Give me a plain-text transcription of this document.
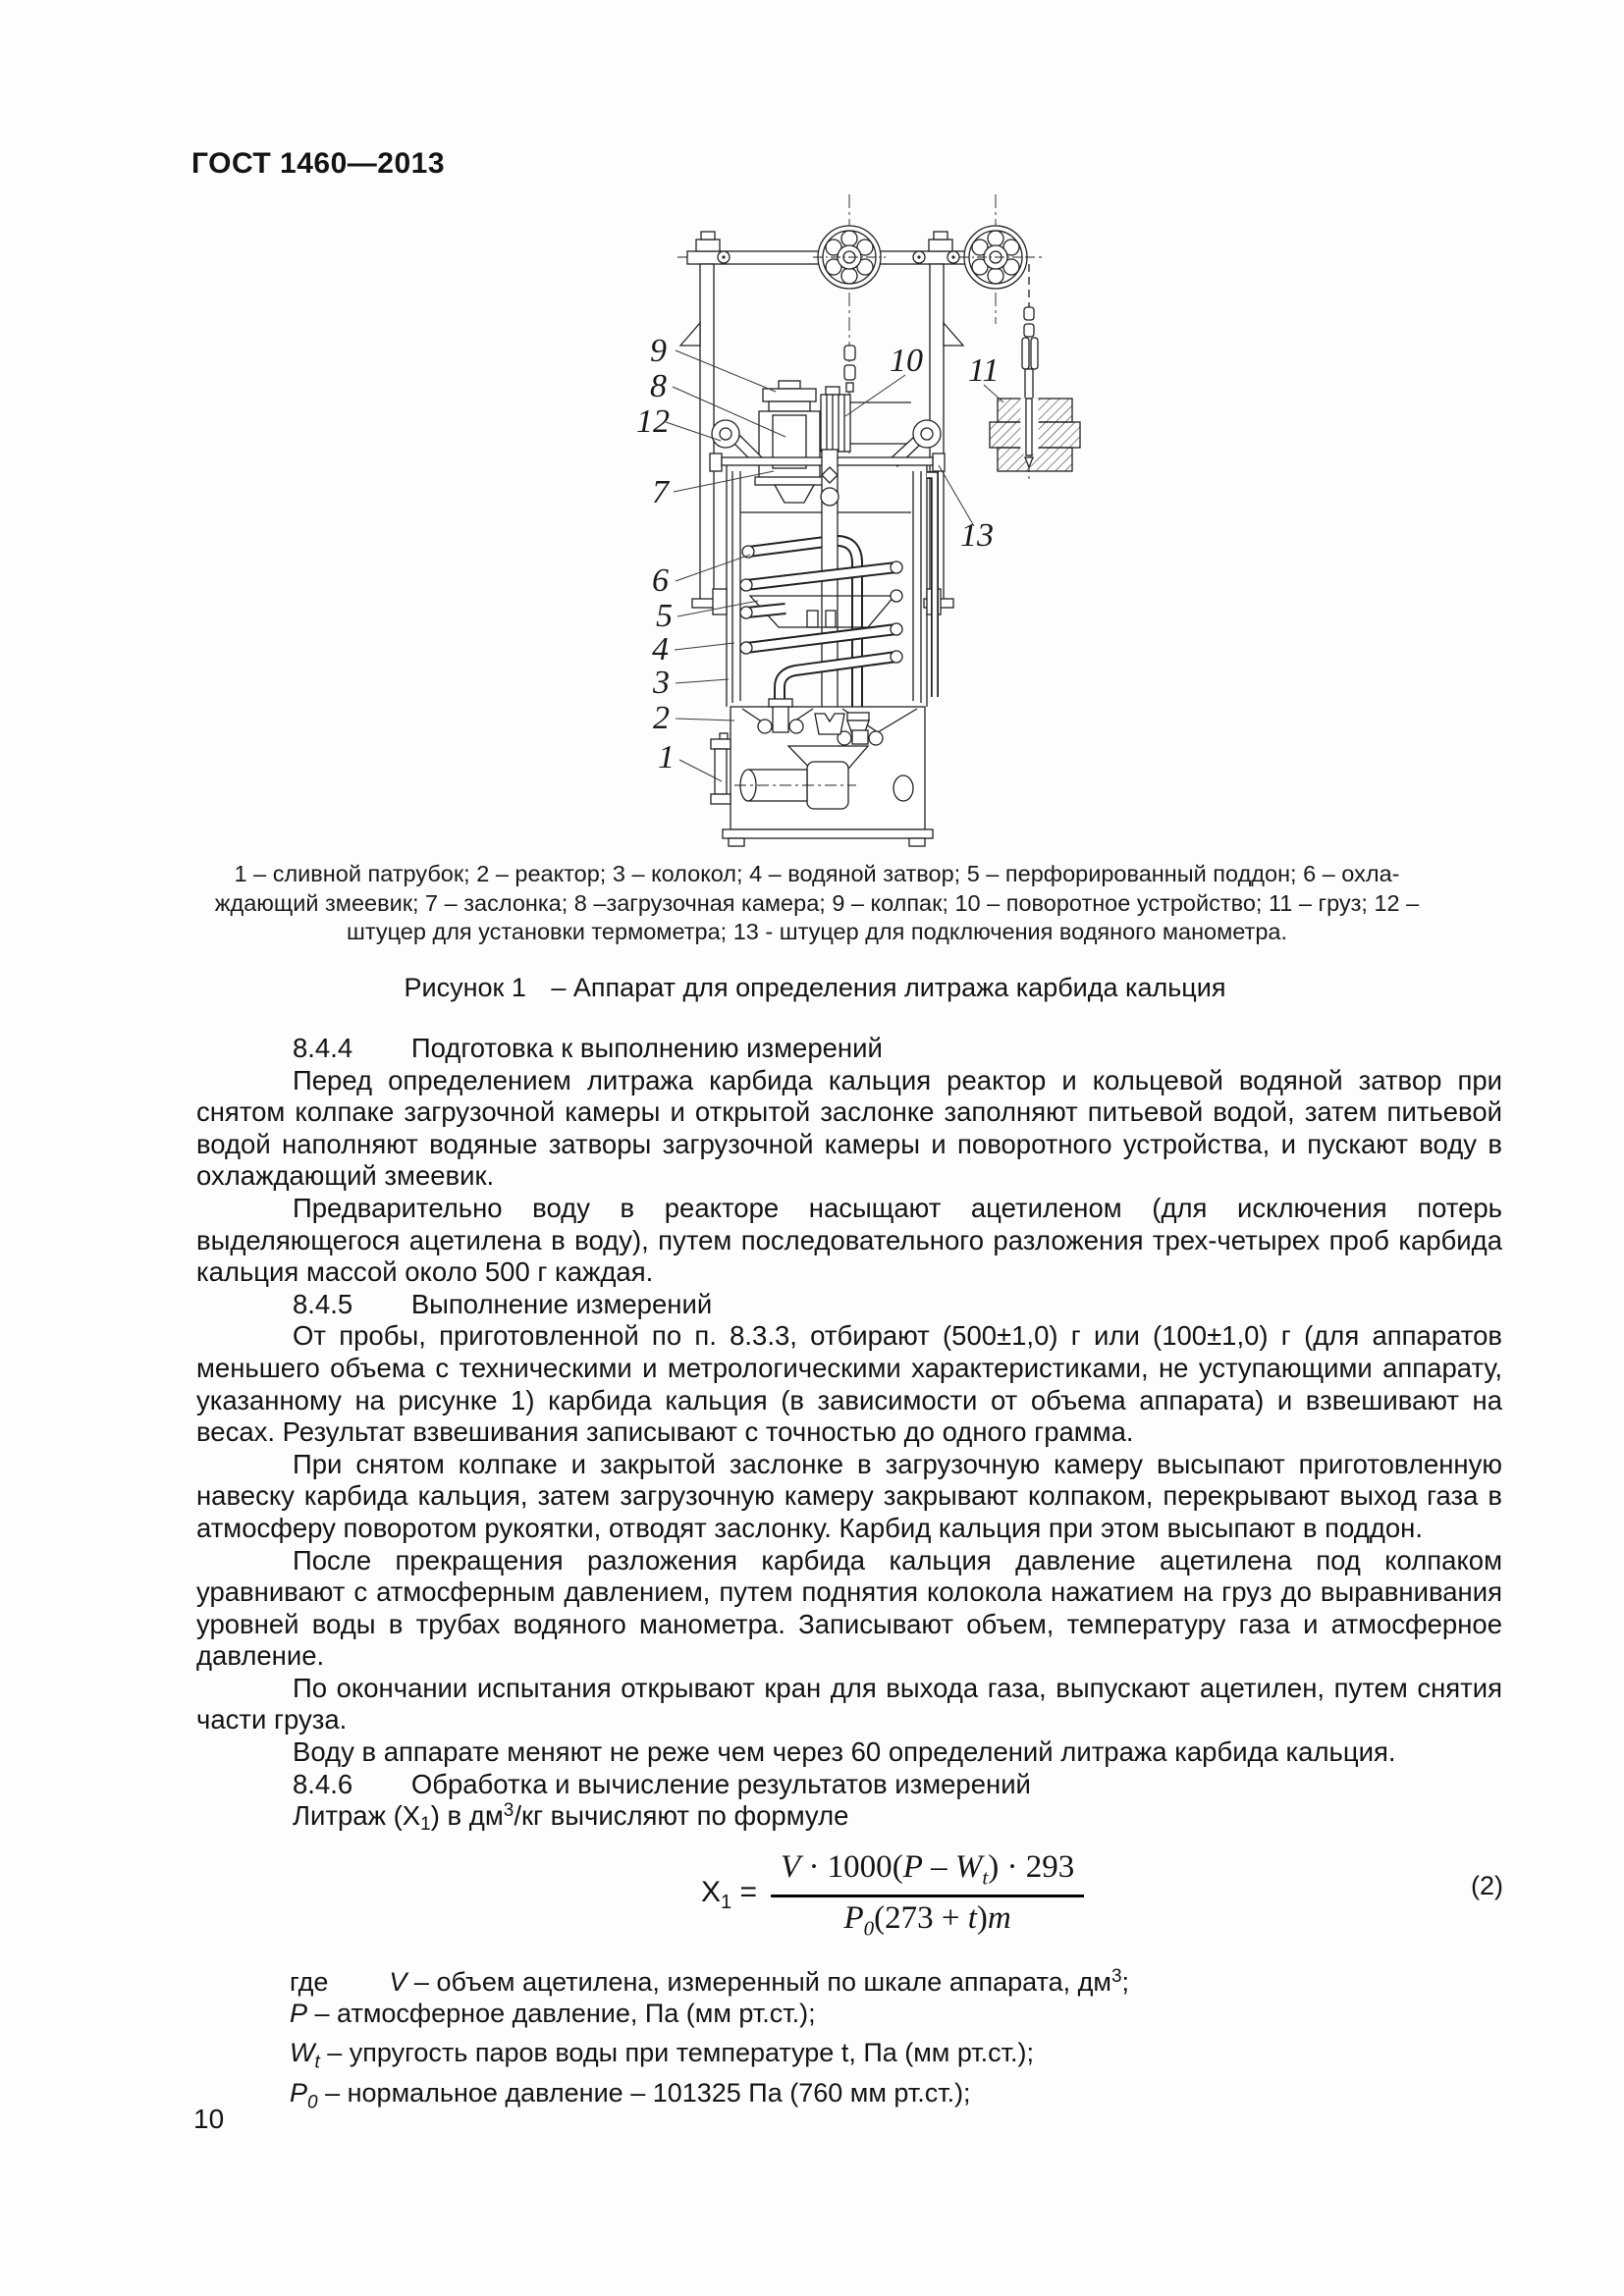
ГОСТ 1460—2013
9
8
12
7
6
5
4
3
2
1
10 11
13
1 – сливной патрубок; 2 – реактор; 3 – колокол; 4 – водяной затвор; 5 – перфорированный поддон; 6 – охла-
ждающий змеевик; 7 – заслонка; 8 –загрузочная камера; 9 – колпак; 10 – поворотное устройство; 11 – груз; 12 –
штуцер для установки термометра; 13 - штуцер для подключения водяного манометра.
Рисунок 1 – Аппарат для определения литража карбида кальция

8.4.4 Подготовка к выполнению измерений

Перед определением литража карбида кальция реактор и кольцевой водяной затвор при снятом колпаке загрузочной камеры и открытой заслонке заполняют питьевой водой, затем питьевой водой наполняют водяные затворы загрузочной камеры и поворотного устройства, и пускают воду в охлаждающий змеевик.

Предварительно воду в реакторе насыщают ацетиленом (для исключения потерь выделяющегося ацетилена в воду), путем последовательного разложения трех-четырех проб карбида кальция массой около 500 г каждая.

8.4.5 Выполнение измерений

От пробы, приготовленной по п. 8.3.3, отбирают (500±1,0) г или (100±1,0) г (для аппаратов меньшего объема с техническими и метрологическими характеристиками, не уступающими аппарату, указанному на рисунке 1) карбида кальция (в зависимости от объема аппарата) и взвешивают на весах. Результат взвешивания записывают с точностью до одного грамма.

При снятом колпаке и закрытой заслонке в загрузочную камеру высыпают приготовленную навеску карбида кальция, затем загрузочную камеру закрывают колпаком, перекрывают выход газа в атмосферу поворотом рукоятки, отводят заслонку. Карбид кальция при этом высыпают в поддон.

После прекращения разложения карбида кальция давление ацетилена под колпаком уравнивают с атмосферным давлением, путем поднятия колокола нажатием на груз до выравнивания уровней воды в трубах водяного манометра. Записывают объем, температуру газа и атмосферное давление.

По окончании испытания открывают кран для выхода газа, выпускают ацетилен, путем снятия части груза.

Воду в аппарате меняют не реже чем через 60 определений литража карбида кальция.

8.4.6 Обработка и вычисление результатов измерений

Литраж $(X_1)$ в $дм^3/кг$ вычисляют по формуле

$X_1 = \frac{V \cdot 1000(P - W_t) \cdot 293}{P_0(273 + t)m}$	(2)
где V – объем ацетилена, измеренный по шкале аппарата, $дм^3$;
P – атмосферное давление, Па (мм рт.ст.);
$W_t$ – упругость паров воды при температуре t, Па (мм рт.ст.);
$P_0$ – нормальное давление – 101325 Па (760 мм рт.ст.);
10
